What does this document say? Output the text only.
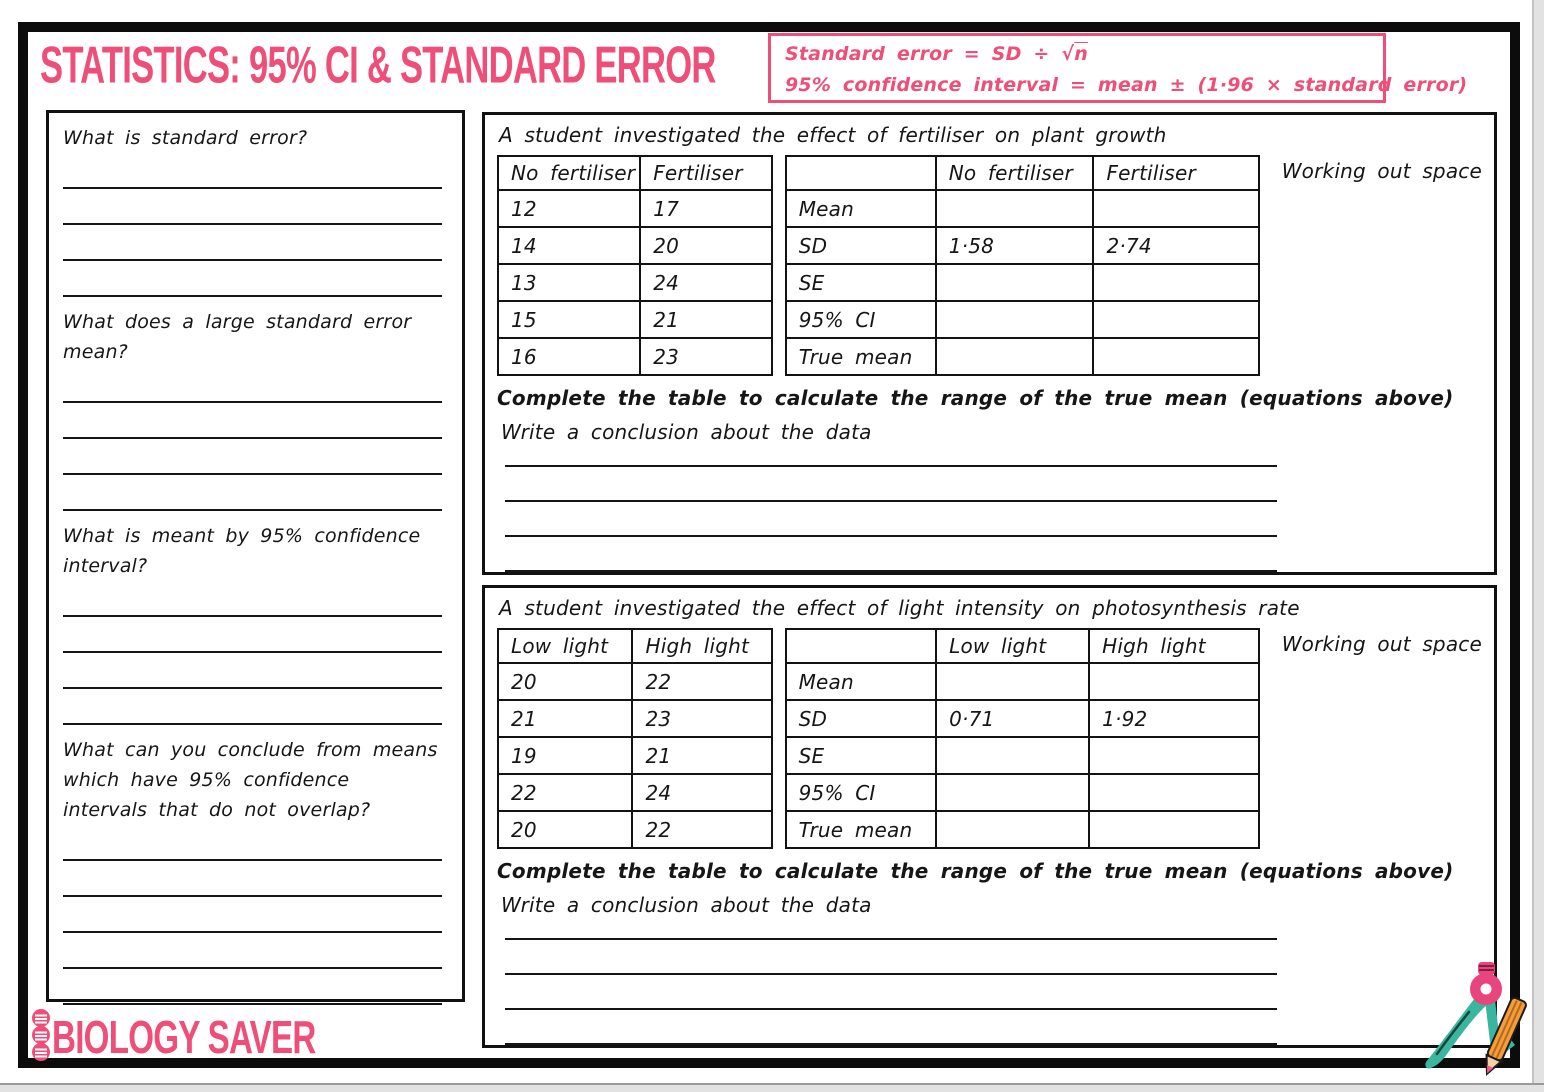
STATISTICS: 95% CI & STANDARD ERROR	Standard error = SD ÷ √n
95% confidence interval = mean ± (1·96 × standard error)
What is standard error?
What does a large standard error mean?
What is meant by 95% confidence interval?
What can you conclude from means which have 95% confidence intervals that do not overlap?
A student investigated the effect of fertiliser on plant growth
No fertiliser	Fertiliser
12	17
14	20
13	24
15	21
16	23
	No fertiliser	Fertiliser
Mean		
SD	1·58	2·74
SE		
95% CI		
True mean		
Working out space
Complete the table to calculate the range of the true mean (equations above)
Write a conclusion about the data
A student investigated the effect of light intensity on photosynthesis rate
Low light	High light
20	22
21	23
19	21
22	24
20	22
	Low light	High light
Mean		
SD	0·71	1·92
SE		
95% CI		
True mean		
Working out space
Complete the table to calculate the range of the true mean (equations above)
Write a conclusion about the data
BIOLOGY SAVER
